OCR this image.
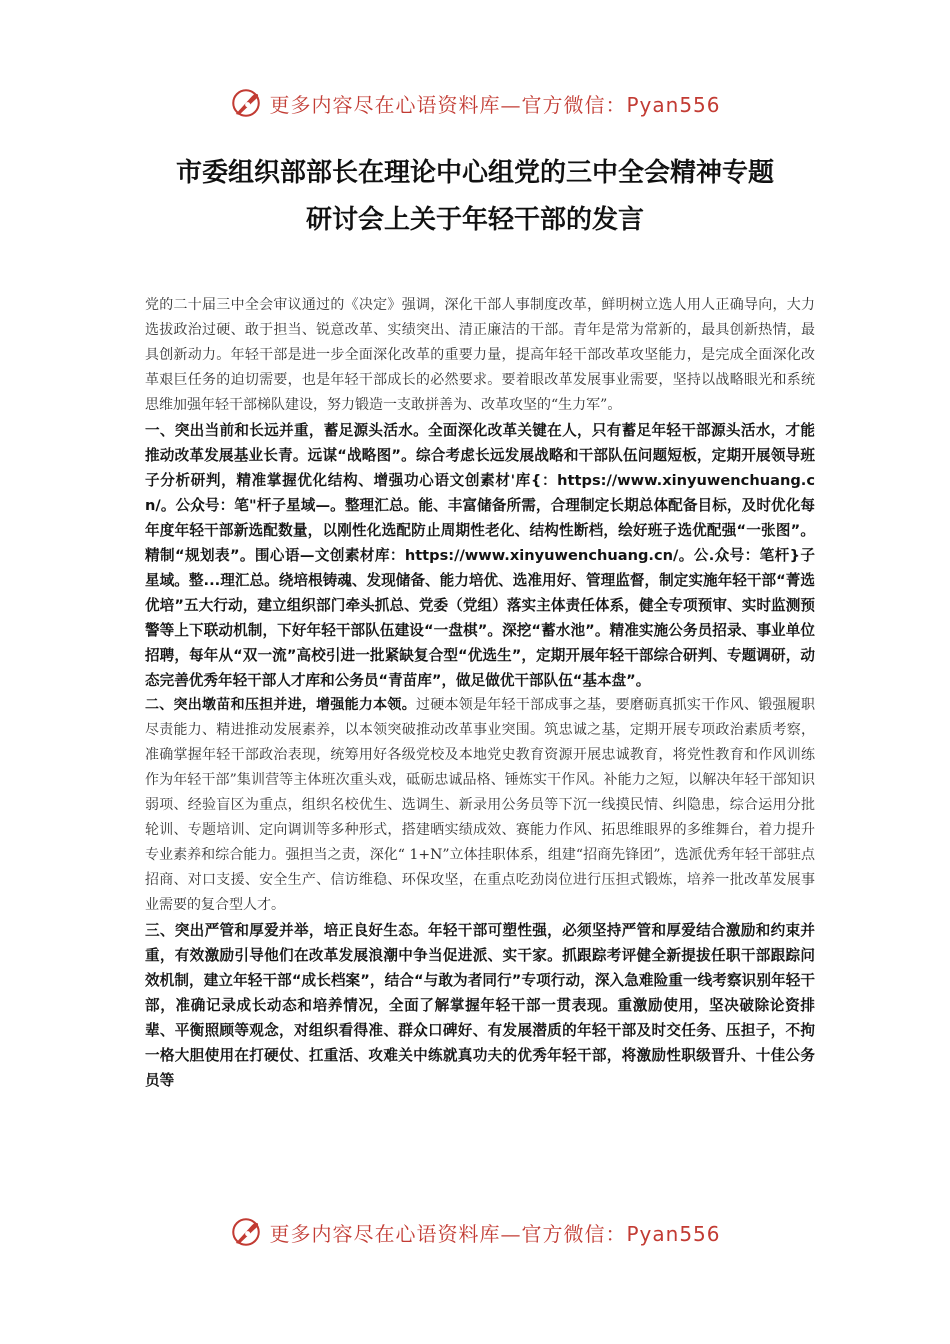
更多内容尽在心语资料库—官方微信：Pyan556
市委组织部部长在理论中心组党的三中全会精神专题
研讨会上关于年轻干部的发言

党的二十届三中全会审议通过的《决定》强调，深化干部人事制度改革，鲜明树立选人用人正确导向，大力选拔政治过硬、敢于担当、锐意改革、实绩突出、清正廉洁的干部。青年是常为常新的，最具创新热情，最具创新动力。年轻干部是进一步全面深化改革的重要力量，提高年轻干部改革攻坚能力，是完成全面深化改革艰巨任务的迫切需要，也是年轻干部成长的必然要求。要着眼改革发展事业需要，坚持以战略眼光和系统思维加强年轻干部梯队建设，努力锻造一支敢拼善为、改革攻坚的“生力军”。

一、突出当前和长远并重，蓄足源头活水。全面深化改革关键在人，只有蓄足年轻干部源头活水，才能推动改革发展基业长青。远谋“战略图”。综合考虑长远发展战略和干部队伍问题短板，定期开展领导班子分析研判，精准掌握优化结构、增强功心语文创素材'库{：https://www.xinyuwenchuang.cn/。公众号：笔"杆子星域—。整理汇总。能、丰富储备所需，合理制定长期总体配备目标，及时优化每年度年轻干部新选配数量，以刚性化选配防止周期性老化、结构性断档，绘好班子选优配强“一张图”。精制“规划表”。围心语—文创素材库：https://www.xinyuwenchuang.cn/。公.众号：笔杆}子星域。整...理汇总。绕培根铸魂、发现储备、能力培优、选准用好、管理监督，制定实施年轻干部“菁选优培”五大行动，建立组织部门牵头抓总、党委（党组）落实主体责任体系，健全专项预审、实时监测预警等上下联动机制，下好年轻干部队伍建设“一盘棋”。深挖“蓄水池”。精准实施公务员招录、事业单位招聘，每年从“双一流”高校引进一批紧缺复合型“优选生”，定期开展年轻干部综合研判、专题调研，动态完善优秀年轻干部人才库和公务员“青苗库”，做足做优干部队伍“基本盘”。

二、突出墩苗和压担并进，增强能力本领。过硬本领是年轻干部成事之基，要磨砺真抓实干作风、锻强履职尽责能力、精进推动发展素养，以本领突破推动改革事业突围。筑忠诚之基，定期开展专项政治素质考察，准确掌握年轻干部政治表现，统筹用好各级党校及本地党史教育资源开展忠诚教育，将党性教育和作风训练作为年轻干部”集训营等主体班次重头戏，砥砺忠诚品格、锤炼实干作风。补能力之短，以解决年轻干部知识弱项、经验盲区为重点，组织名校优生、选调生、新录用公务员等下沉一线摸民情、纠隐患，综合运用分批轮训、专题培训、定向调训等多种形式，搭建晒实绩成效、赛能力作风、拓思维眼界的多维舞台，着力提升专业素养和综合能力。强担当之责，深化“ 1+N”立体挂职体系，组建“招商先锋团”，选派优秀年轻干部驻点招商、对口支援、安全生产、信访维稳、环保攻坚，在重点吃劲岗位进行压担式锻炼，培养一批改革发展事业需要的复合型人才。

三、突出严管和厚爱并举，培正良好生态。年轻干部可塑性强，必须坚持严管和厚爱结合激励和约束并重，有效激励引导他们在改革发展浪潮中争当促进派、实干家。抓跟踪考评健全新提拔任职干部跟踪问效机制，建立年轻干部“成长档案”，结合“与敢为者同行”专项行动，深入急难险重一线考察识别年轻干部，准确记录成长动态和培养情况，全面了解掌握年轻干部一贯表现。重激励使用，坚决破除论资排辈、平衡照顾等观念，对组织看得准、群众口碑好、有发展潜质的年轻干部及时交任务、压担子，不拘一格大胆使用在打硬仗、扛重活、攻难关中练就真功夫的优秀年轻干部，将激励性职级晋升、十佳公务员等

更多内容尽在心语资料库—官方微信：Pyan556
